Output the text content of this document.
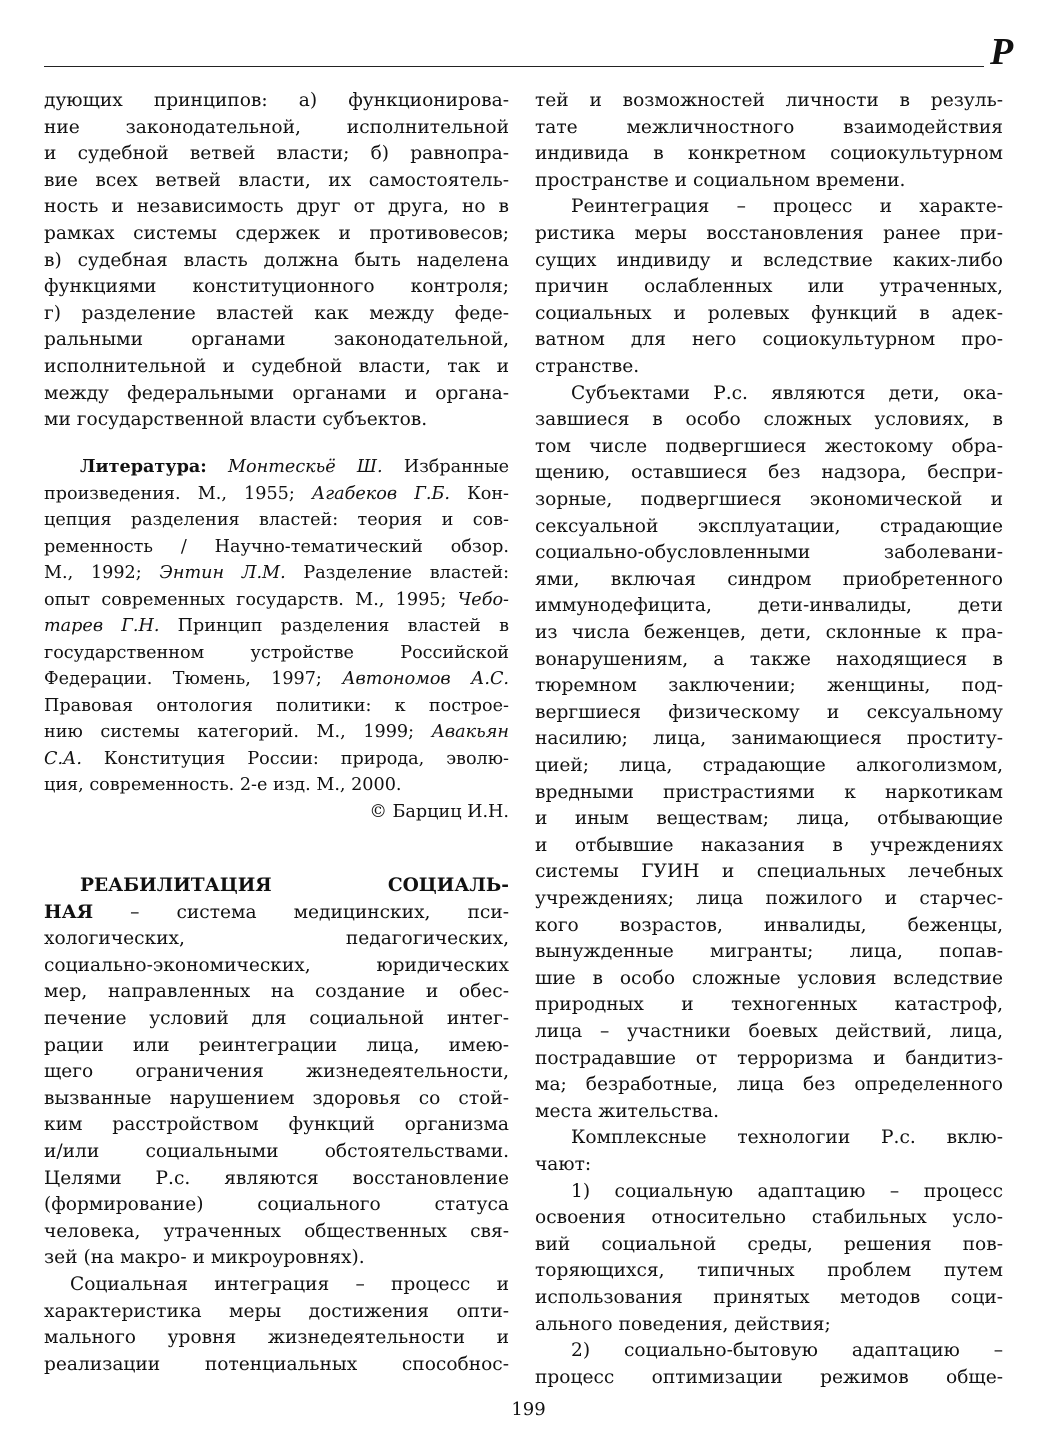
Р
дующих принципов: а) функционирова-
ние законодательной, исполнительной
и судебной ветвей власти; б) равнопра-
вие всех ветвей власти, их самостоятель-
ность и независимость друг от друга, но в
рамках системы сдержек и противовесов;
в) судебная власть должна быть наделена
функциями конституционного контроля;
г) разделение властей как между феде-
ральными органами законодательной,
исполнительной и судебной власти, так и
между федеральными органами и органа-
ми государственной власти субъектов.
Литература: Монтескьё Ш. Избранные
произведения. М., 1955; Агабеков Г.Б. Кон-
цепция разделения властей: теория и сов-
ременность / Научно-тематический обзор.
М., 1992; Энтин Л.М. Разделение властей:
опыт современных государств. М., 1995; Чебо-
тарев Г.Н. Принцип разделения властей в
государственном устройстве Российской
Федерации. Тюмень, 1997; Автономов А.С.
Правовая онтология политики: к построе-
нию системы категорий. М., 1999; Авакьян
С.А. Конституция России: природа, эволю-
ция, современность. 2-е изд. М., 2000.
© Барциц И.Н.
РЕАБИЛИТАЦИЯ	СОЦИАЛЬ-
НАЯ – система медицинских, пси-
хологических, педагогических,
социально-экономических, юридических
мер, направленных на создание и обес-
печение условий для социальной интег-
рации или реинтеграции лица, имею-
щего ограничения жизнедеятельности,
вызванные нарушением здоровья со стой-
ким расстройством функций организма
и/или социальными обстоятельствами.
Целями Р.с. являются восстановление
(формирование) социального статуса
человека, утраченных общественных свя-
зей (на макро- и микроуровнях).
Социальная интеграция – процесс и
характеристика меры достижения опти-
мального уровня жизнедеятельности и
реализации потенциальных способнос-
тей и возможностей личности в резуль-
тате межличностного взаимодействия
индивида в конкретном социокультурном
пространстве и социальном времени.
Реинтеграция – процесс и характе-
ристика меры восстановления ранее при-
сущих индивиду и вследствие каких-либо
причин ослабленных или утраченных,
социальных и ролевых функций в адек-
ватном для него социокультурном про-
странстве.
Субъектами Р.с. являются дети, ока-
завшиеся в особо сложных условиях, в
том числе подвергшиеся жестокому обра-
щению, оставшиеся без надзора, беспри-
зорные, подвергшиеся экономической и
сексуальной эксплуатации, страдающие
социально-обусловленными заболевани-
ями, включая синдром приобретенного
иммунодефицита, дети-инвалиды, дети
из числа беженцев, дети, склонные к пра-
вонарушениям, а также находящиеся в
тюремном заключении; женщины, под-
вергшиеся физическому и сексуальному
насилию; лица, занимающиеся проститу-
цией; лица, страдающие алкоголизмом,
вредными пристрастиями к наркотикам
и иным веществам; лица, отбывающие
и отбывшие наказания в учреждениях
системы ГУИН и специальных лечебных
учреждениях; лица пожилого и старчес-
кого возрастов, инвалиды, беженцы,
вынужденные мигранты; лица, попав-
шие в особо сложные условия вследствие
природных и техногенных катастроф,
лица – участники боевых действий, лица,
пострадавшие от терроризма и бандитиз-
ма; безработные, лица без определенного
места жительства.
Комплексные технологии Р.с. вклю-
чают:
1) социальную адаптацию – процесс
освоения относительно стабильных усло-
вий социальной среды, решения пов-
торяющихся, типичных проблем путем
использования принятых методов соци-
ального поведения, действия;
2) социально-бытовую адаптацию –
процесс оптимизации режимов обще-
199
